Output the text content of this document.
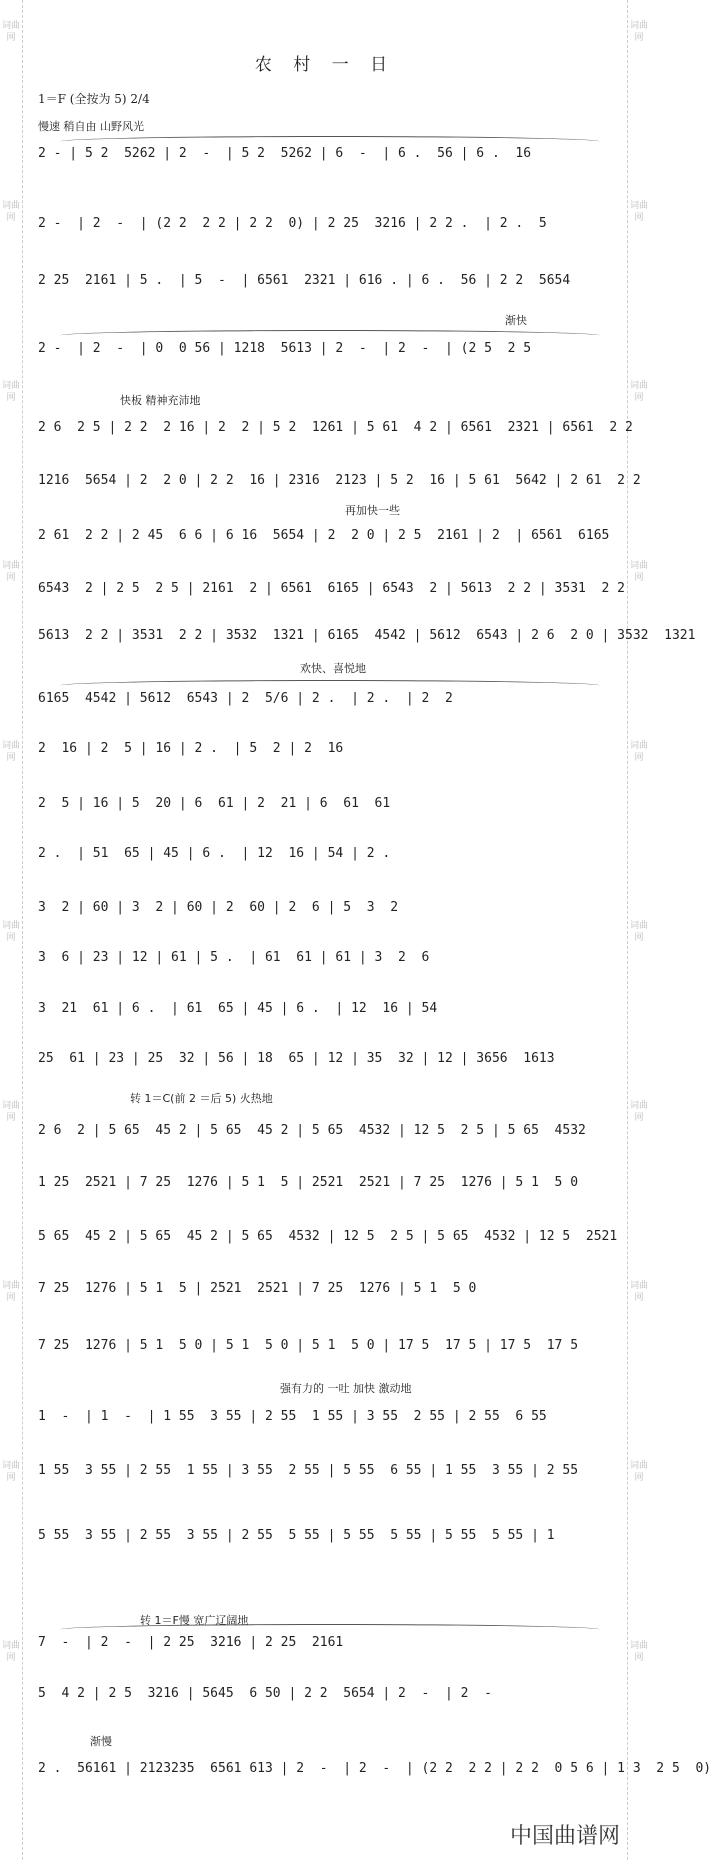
词曲网
词曲网
词曲网
词曲网
词曲网
词曲网
词曲网
词曲网
词曲网
词曲网
词曲网
词曲网
词曲网
词曲网
词曲网
词曲网
词曲网
词曲网
词曲网
词曲网
农 村 一 日
1＝F (全按为 5) 2/4
慢速 稍自由 山野风光
渐快
快板 精神充沛地
再加快一些
欢快、喜悦地
转 1＝C(前 2 ＝后 5) 火热地
强有力的 一吐 加快 激动地
转 1＝F慢 宽广辽阔地
渐慢
2 - | 5 2  5262 | 2  -  | 5 2  5262 | 6  -  | 6 .  56 | 6 .  16
2 -  | 2  -  | (2 2  2 2 | 2 2  0) | 2 25  3216 | 2 2 .  | 2 .  5
2 25  2161 | 5 .  | 5  -  | 6561  2321 | 616 . | 6 .  56 | 2 2  5654
2 -  | 2  -  | 0  0 56 | 1218  5613 | 2  -  | 2  -  | (2 5  2 5
2 6  2 5 | 2 2  2 16 | 2  2 | 5 2  1261 | 5 61  4 2 | 6561  2321 | 6561  2 2
1216  5654 | 2  2 0 | 2 2  16 | 2316  2123 | 5 2  16 | 5 61  5642 | 2 61  2 2
2 61  2 2 | 2 45  6 6 | 6 16  5654 | 2  2 0 | 2 5  2161 | 2  | 6561  6165
6543  2 | 2 5  2 5 | 2161  2 | 6561  6165 | 6543  2 | 5613  2 2 | 3531  2 2
5613  2 2 | 3531  2 2 | 3532  1321 | 6165  4542 | 5612  6543 | 2 6  2 0 | 3532  1321
6165  4542 | 5612  6543 | 2  5/6 | 2 .  | 2 .  | 2  2
2  16 | 2  5 | 16 | 2 .  | 5  2 | 2  16
2  5 | 16 | 5  20 | 6  61 | 2  21 | 6  61  61
2 .  | 51  65 | 45 | 6 .  | 12  16 | 54 | 2 .
3  2 | 60 | 3  2 | 60 | 2  60 | 2  6 | 5  3  2
3  6 | 23 | 12 | 61 | 5 .  | 61  61 | 61 | 3  2  6
3  21  61 | 6 .  | 61  65 | 45 | 6 .  | 12  16 | 54
25  61 | 23 | 25  32 | 56 | 18  65 | 12 | 35  32 | 12 | 3656  1613
2 6  2 | 5 65  45 2 | 5 65  45 2 | 5 65  4532 | 12 5  2 5 | 5 65  4532
1 25  2521 | 7 25  1276 | 5 1  5 | 2521  2521 | 7 25  1276 | 5 1  5 0
5 65  45 2 | 5 65  45 2 | 5 65  4532 | 12 5  2 5 | 5 65  4532 | 12 5  2521
7 25  1276 | 5 1  5 | 2521  2521 | 7 25  1276 | 5 1  5 0
7 25  1276 | 5 1  5 0 | 5 1  5 0 | 5 1  5 0 | 17 5  17 5 | 17 5  17 5
1  -  | 1  -  | 1 55  3 55 | 2 55  1 55 | 3 55  2 55 | 2 55  6 55
1 55  3 55 | 2 55  1 55 | 3 55  2 55 | 5 55  6 55 | 1 55  3 55 | 2 55
5 55  3 55 | 2 55  3 55 | 2 55  5 55 | 5 55  5 55 | 5 55  5 55 | 1
7  -  | 2  -  | 2 25  3216 | 2 25  2161
5  4 2 | 2 5  3216 | 5645  6 50 | 2 2  5654 | 2  -  | 2  -
2 .  56161 | 2123235  6561 613 | 2  -  | 2  -  | (2 2  2 2 | 2 2  0 5 6 | 1 3  2 5  0)
中国曲谱网
